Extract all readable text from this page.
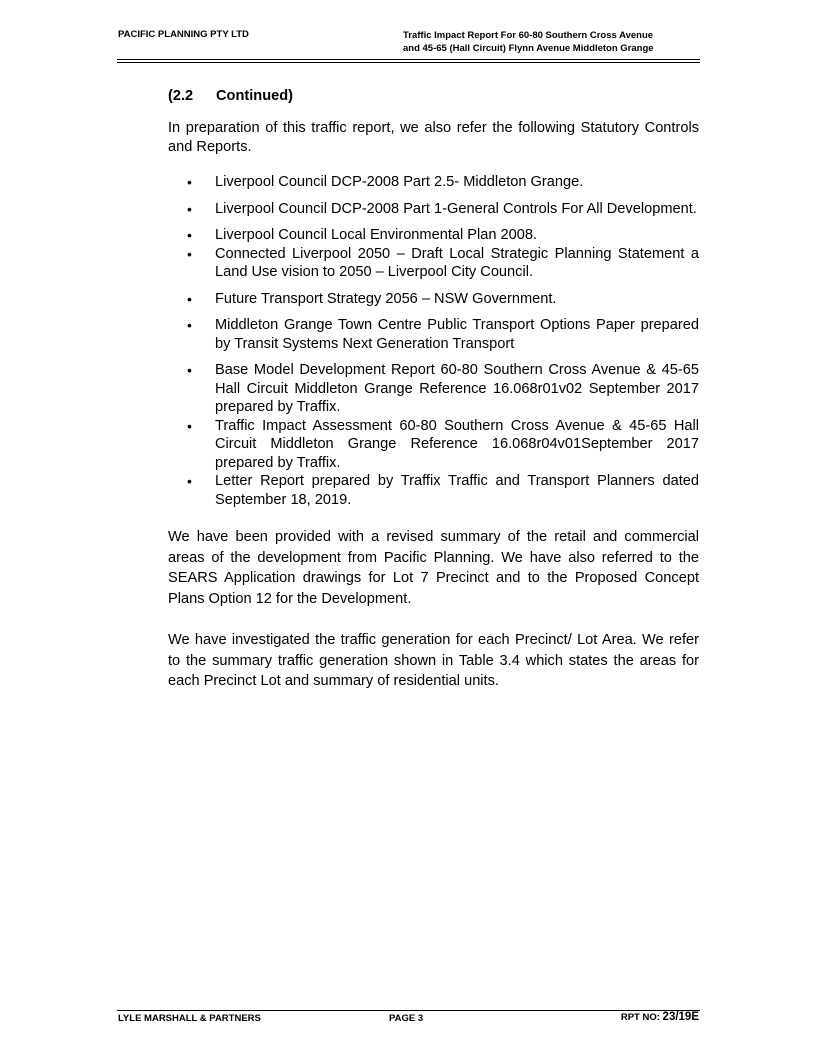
PACIFIC PLANNING PTY LTD	Traffic Impact Report For 60-80 Southern Cross Avenue
and 45-65 (Hall Circuit) Flynn Avenue Middleton Grange
(2.2 Continued)

In preparation of this traffic report, we also refer the following Statutory Controls and Reports.

• Liverpool Council DCP-2008 Part 2.5- Middleton Grange.
• Liverpool Council DCP-2008 Part 1-General Controls For All Development.
• Liverpool Council Local Environmental Plan 2008.
• Connected Liverpool 2050 – Draft Local Strategic Planning Statement a Land Use vision to 2050 – Liverpool City Council.
• Future Transport Strategy 2056 – NSW Government.
• Middleton Grange Town Centre Public Transport Options Paper prepared by Transit Systems Next Generation Transport
• Base Model Development Report 60-80 Southern Cross Avenue & 45-65 Hall Circuit Middleton Grange Reference 16.068r01v02 September 2017 prepared by Traffix.
• Traffic Impact Assessment 60-80 Southern Cross Avenue & 45-65 Hall Circuit Middleton Grange Reference 16.068r04v01September 2017 prepared by Traffix.
• Letter Report prepared by Traffix Traffic and Transport Planners dated September 18, 2019.

We have been provided with a revised summary of the retail and commercial areas of the development from Pacific Planning. We have also referred to the SEARS Application drawings for Lot 7 Precinct and to the Proposed Concept Plans Option 12 for the Development.

We have investigated the traffic generation for each Precinct/ Lot Area. We refer to the summary traffic generation shown in Table 3.4 which states the areas for each Precinct Lot and summary of residential units.

LYLE MARSHALL & PARTNERS	PAGE 3	RPT NO: 23/19E
